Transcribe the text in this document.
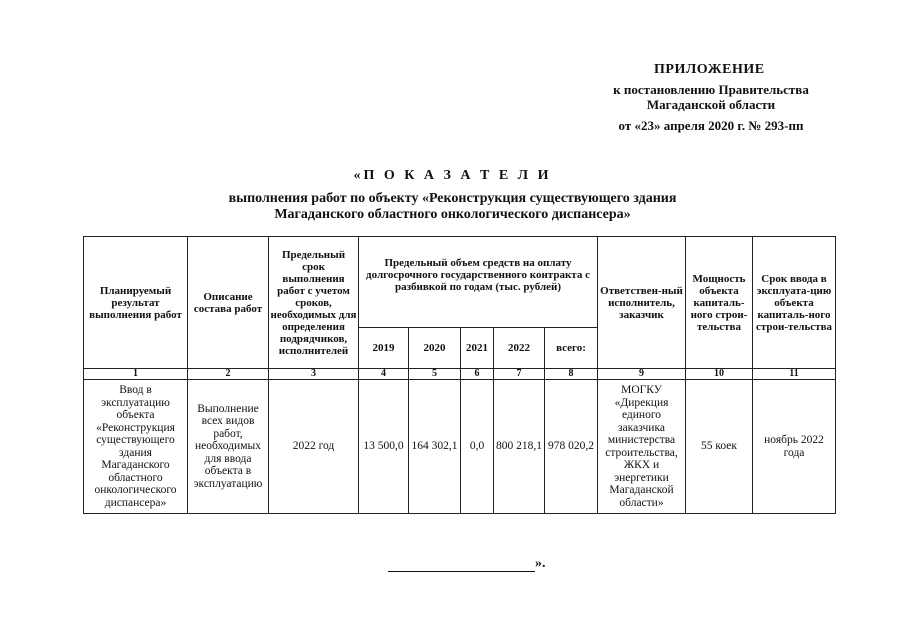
ПРИЛОЖЕНИЕ
к постановлению Правительства
Магаданской области
от «23» апреля 2020 г. № 293-пп
«П О К А З А Т Е Л И
выполнения работ по объекту «Реконструкция существующего здания
Магаданского областного онкологического диспансера»
Планируемый результат выполнения работ	Описание состава работ	Предельный срок выполнения работ с учетом сроков, необходимых для определения подрядчиков, исполнителей	Предельный объем средств на оплату долгосрочного государственного контракта с разбивкой по годам (тыс. рублей)					Ответствен-ный исполнитель, заказчик	Мощность объекта капиталь-ного строи-тельства	Срок ввода в эксплуата-цию объекта капиталь-ного строи-тельства
			2019	2020	2021	2022	всего:			
1	2	3	4	5	6	7	8	9	10	11
Ввод в эксплуатацию объекта «Реконструкция существующего здания Магаданского областного онкологического диспансера»	Выполнение всех видов работ, необходимых для ввода объекта в эксплуатацию	2022 год	13 500,0	164 302,1	0,0	800 218,1	978 020,2	МОГКУ «Дирекция единого заказчика министерства строительства, ЖКХ и энергетики Магаданской области»	55 коек	ноябрь 2022 года
».
